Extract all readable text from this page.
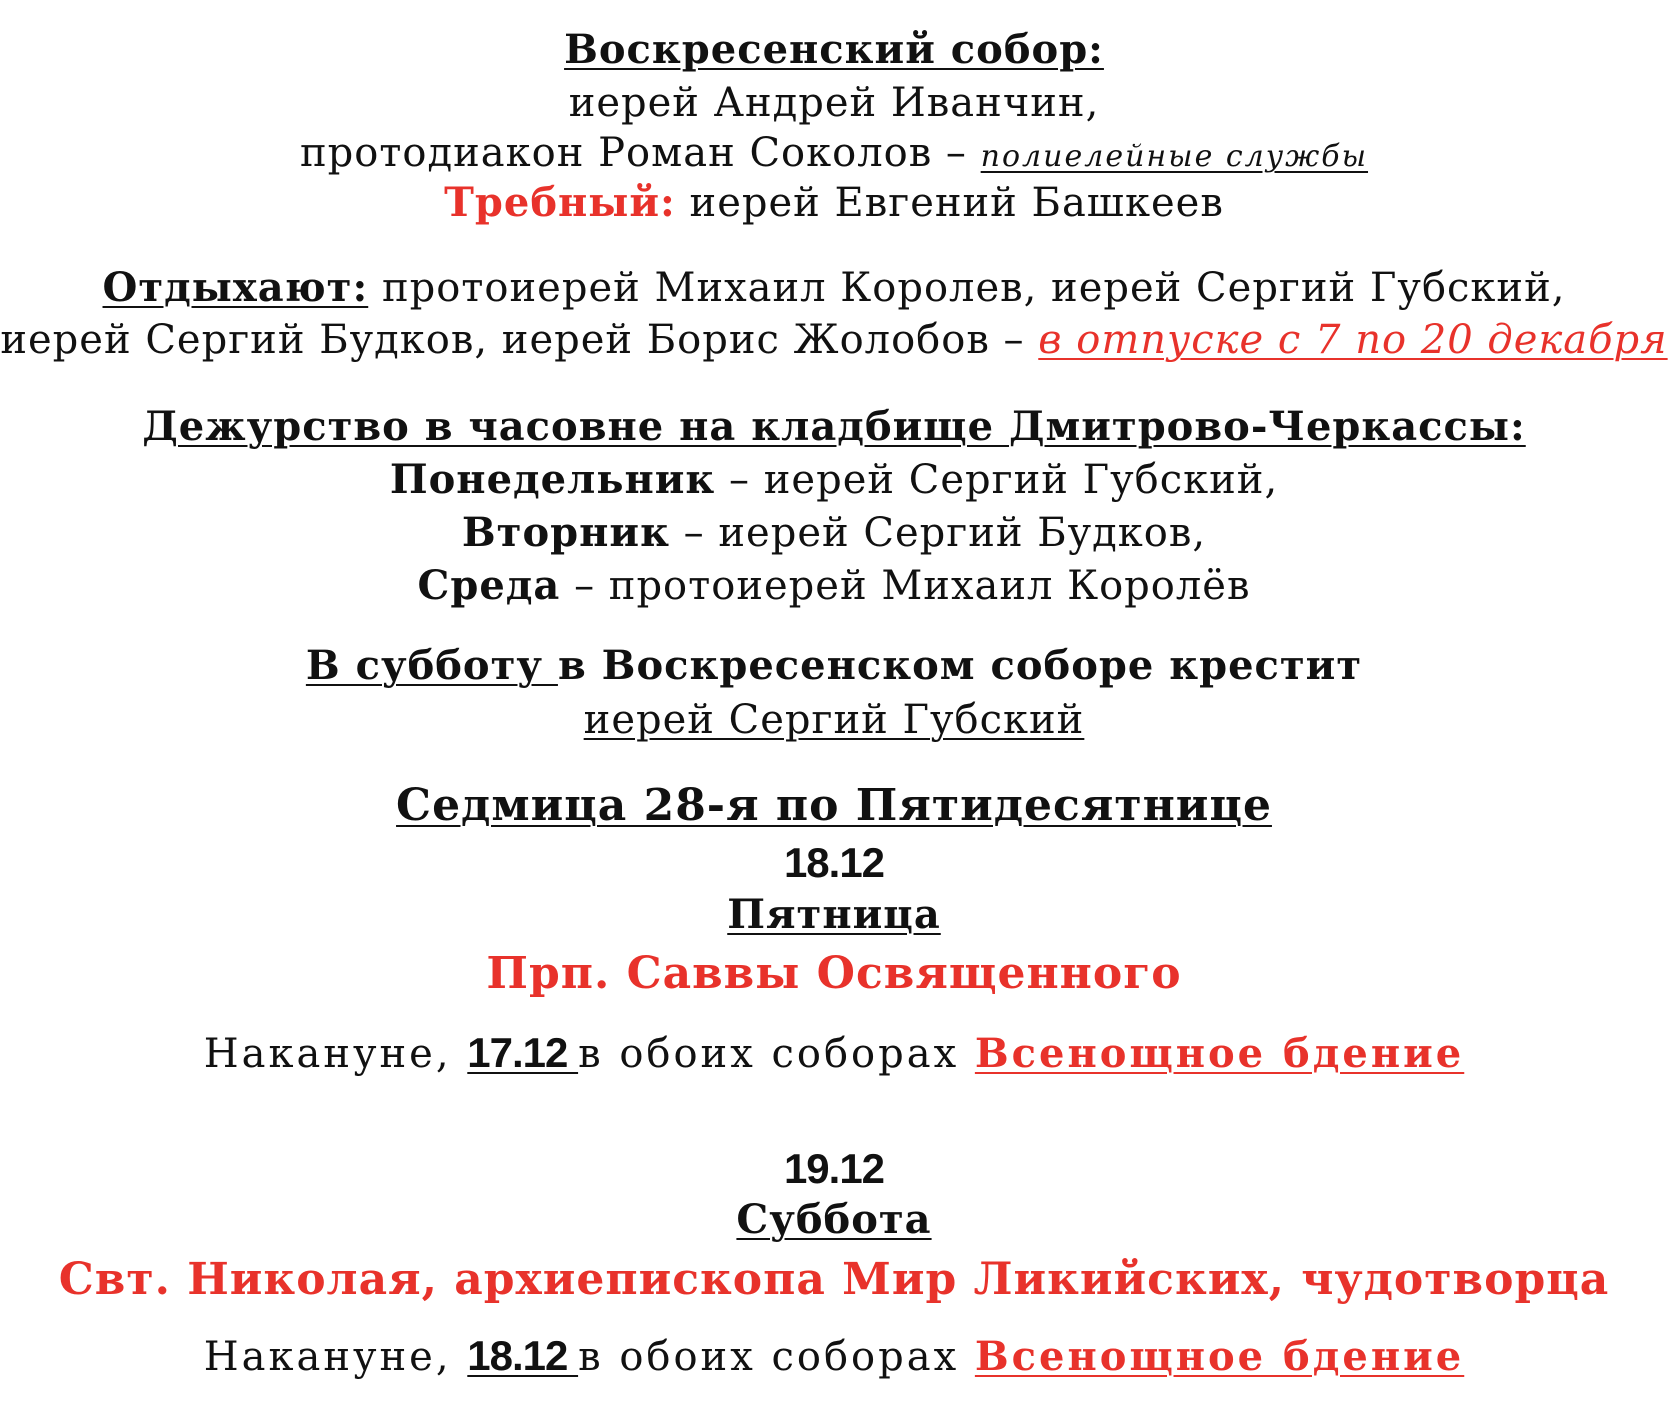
Воскресенский собор:
иерей Андрей Иванчин,
протодиакон Роман Соколов – полиелейные службы
Требный: иерей Евгений Башкеев
Отдыхают: протоиерей Михаил Королев, иерей Сергий Губский,
иерей Сергий Будков, иерей Борис Жолобов – в отпуске с 7 по 20 декабря
Дежурство в часовне на кладбище Дмитрово-Черкассы:
Понедельник – иерей Сергий Губский,
Вторник – иерей Сергий Будков,
Среда – протоиерей Михаил Королёв
В субботу в Воскресенском соборе крестит
иерей Сергий Губский
Седмица 28-я по Пятидесятнице
18.12
Пятница
Прп. Саввы Освященного
Накануне, 17.12 в обоих соборах Всенощное бдение
19.12
Суббота
Свт. Николая, архиепископа Мир Ликийских, чудотворца
Накануне, 18.12 в обоих соборах Всенощное бдение
